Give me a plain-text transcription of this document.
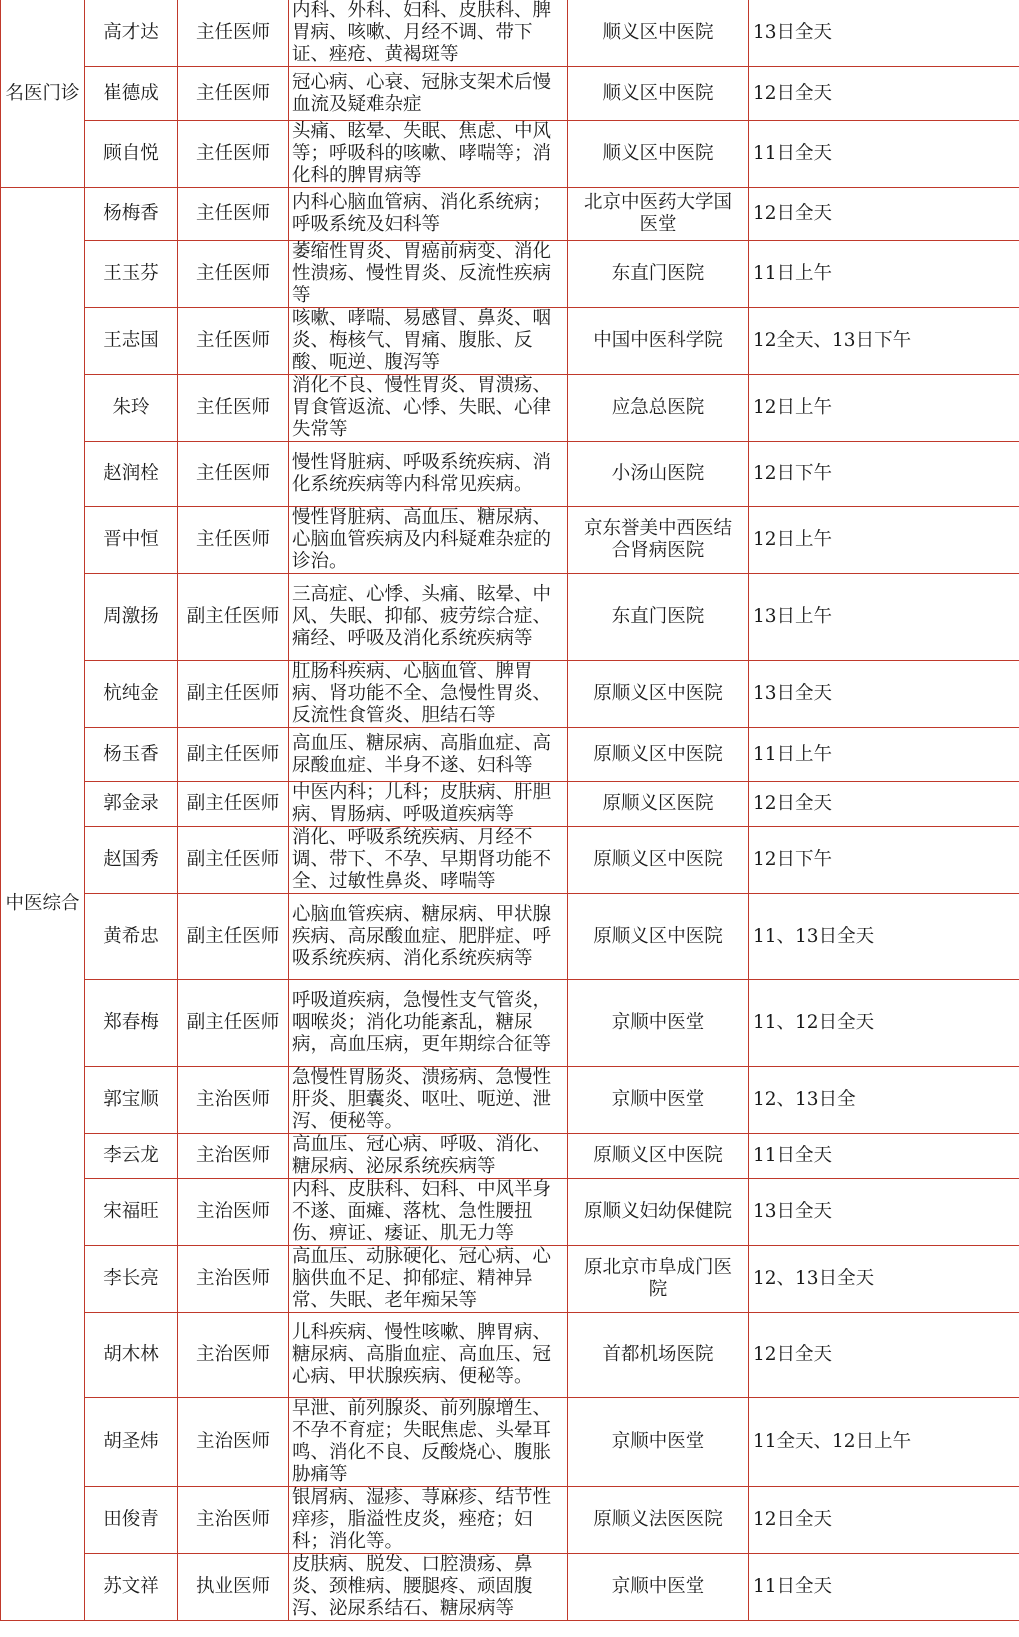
名医门诊	高才达	主任医师	内科、外科、妇科、皮肤科、脾胃病、咳嗽、月经不调、带下证、痤疮、黄褐斑等	顺义区中医院	13日全天
	崔德成	主任医师	冠心病、心衰、冠脉支架术后慢血流及疑难杂症	顺义区中医院	12日全天
	顾自悦	主任医师	头痛、眩晕、失眠、焦虑、中风等；呼吸科的咳嗽、哮喘等；消化科的脾胃病等	顺义区中医院	11日全天
中医综合	杨梅香	主任医师	内科心脑血管病、消化系统病；呼吸系统及妇科等	北京中医药大学国医堂	12日全天
	王玉芬	主任医师	萎缩性胃炎、胃癌前病变、消化性溃疡、慢性胃炎、反流性疾病等	东直门医院	11日上午
	王志国	主任医师	咳嗽、哮喘、易感冒、鼻炎、咽炎、梅核气、胃痛、腹胀、反酸、呃逆、腹泻等	中国中医科学院	12全天、13日下午
	朱玲	主任医师	消化不良、慢性胃炎、胃溃疡、胃食管返流、心悸、失眠、心律失常等	应急总医院	12日上午
	赵润栓	主任医师	慢性肾脏病、呼吸系统疾病、消化系统疾病等内科常见疾病。	小汤山医院	12日下午
	晋中恒	主任医师	慢性肾脏病、高血压、糖尿病、心脑血管疾病及内科疑难杂症的诊治。	京东誉美中西医结合肾病医院	12日上午
	周激扬	副主任医师	三高症、心悸、头痛、眩晕、中风、失眠、抑郁、疲劳综合症、痛经、呼吸及消化系统疾病等	东直门医院	13日上午
	杭纯金	副主任医师	肛肠科疾病、心脑血管、脾胃病、肾功能不全、急慢性胃炎、反流性食管炎、胆结石等	原顺义区中医院	13日全天
	杨玉香	副主任医师	高血压、糖尿病、高脂血症、高尿酸血症、半身不遂、妇科等	原顺义区中医院	11日上午
	郭金录	副主任医师	中医内科；儿科；皮肤病、肝胆病、胃肠病、呼吸道疾病等	原顺义区医院	12日全天
	赵国秀	副主任医师	消化、呼吸系统疾病、月经不调、带下、不孕、早期肾功能不全、过敏性鼻炎、哮喘等	原顺义区中医院	12日下午
	黄希忠	副主任医师	心脑血管疾病、糖尿病、甲状腺疾病、高尿酸血症、肥胖症、呼吸系统疾病、消化系统疾病等	原顺义区中医院	11、13日全天
	郑春梅	副主任医师	呼吸道疾病，急慢性支气管炎，咽喉炎；消化功能紊乱，糖尿病，高血压病，更年期综合征等	京顺中医堂	11、12日全天
	郭宝顺	主治医师	急慢性胃肠炎、溃疡病、急慢性肝炎、胆囊炎、呕吐、呃逆、泄泻、便秘等。	京顺中医堂	12、13日全
	李云龙	主治医师	高血压、冠心病、呼吸、消化、糖尿病、泌尿系统疾病等	原顺义区中医院	11日全天
	宋福旺	主治医师	内科、皮肤科、妇科、中风半身不遂、面瘫、落枕、急性腰扭伤、痹证、痿证、肌无力等	原顺义妇幼保健院	13日全天
	李长亮	主治医师	高血压、动脉硬化、冠心病、心脑供血不足、抑郁症、精神异常、失眠、老年痴呆等	原北京市阜成门医院	12、13日全天
	胡木林	主治医师	儿科疾病、慢性咳嗽、脾胃病、糖尿病、高脂血症、高血压、冠心病、甲状腺疾病、便秘等。	首都机场医院	12日全天
	胡圣炜	主治医师	早泄、前列腺炎、前列腺增生、不孕不育症；失眠焦虑、头晕耳鸣、消化不良、反酸烧心、腹胀胁痛等	京顺中医堂	11全天、12日上午
	田俊青	主治医师	银屑病、湿疹、荨麻疹、结节性痒疹，脂溢性皮炎，痤疮；妇科；消化等。	原顺义法医医院	12日全天
	苏文祥	执业医师	皮肤病、脱发、口腔溃疡、鼻炎、颈椎病、腰腿疼、顽固腹泻、泌尿系结石、糖尿病等	京顺中医堂	11日全天
